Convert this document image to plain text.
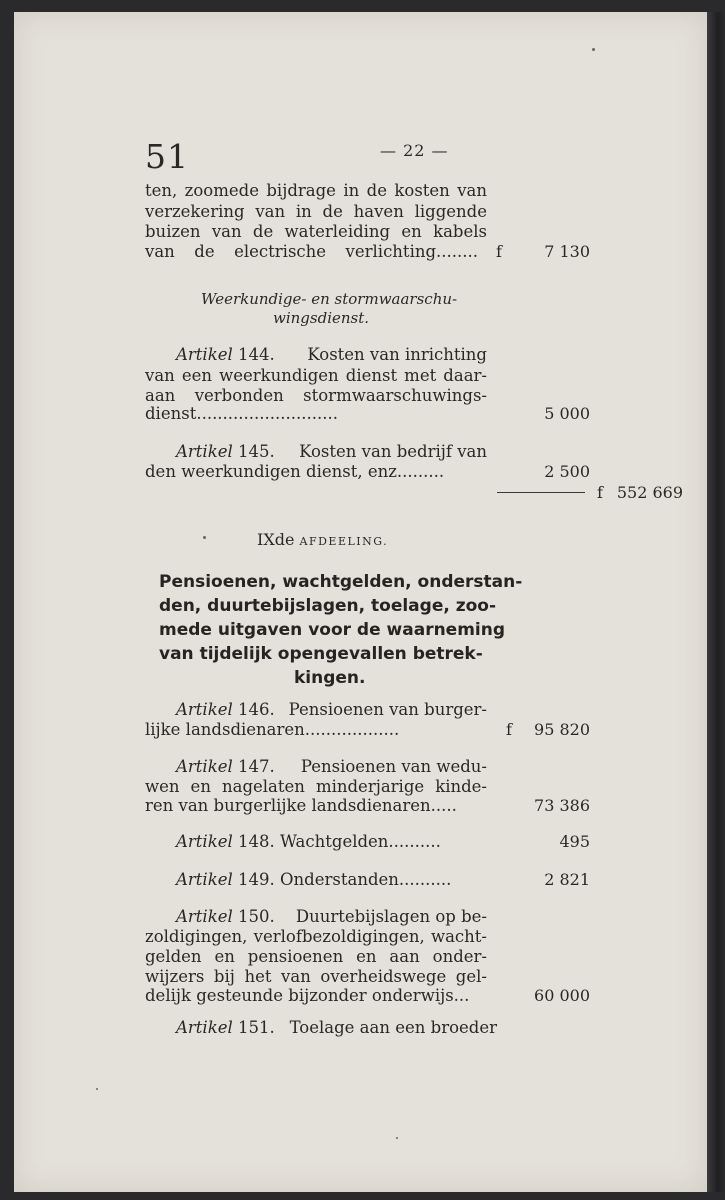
51	— 22 —
ten, zoomede bijdrage in de kosten van
verzekering van in de haven liggende
buizen van de waterleiding en kabels
van de electrische verlichting........ f	7 130
Weerkundige- en stormwaarschu-
wingsdienst.
Artikel 144. Kosten van inrichting
van een weerkundigen dienst met daar-
aan verbonden stormwaarschuwings-
dienst...........................	5 000
Artikel 145. Kosten van bedrijf van
den weerkundigen dienst, enz.........	2 500
f 552 669
IXde AFDEELING.
Pensioenen, wachtgelden, onderstan-
den, duurtebijslagen, toelage, zoo-
mede uitgaven voor de waarneming
van tijdelijk opengevallen betrek-
kingen.
Artikel 146. Pensioenen van burger-
lijke landsdienaren..................	f	95 820
Artikel 147. Pensioenen van wedu-
wen en nagelaten minderjarige kinde-
ren van burgerlijke landsdienaren.....	73 386
Artikel 148. Wachtgelden..........	495
Artikel 149. Onderstanden..........	2 821
Artikel 150. Duurtebijslagen op be-
zoldigingen, verlofbezoldigingen, wacht-
gelden en pensioenen en aan onder-
wijzers bij het van overheidswege gel-
delijk gesteunde bijzonder onderwijs...	60 000
Artikel 151. Toelage aan een broeder
